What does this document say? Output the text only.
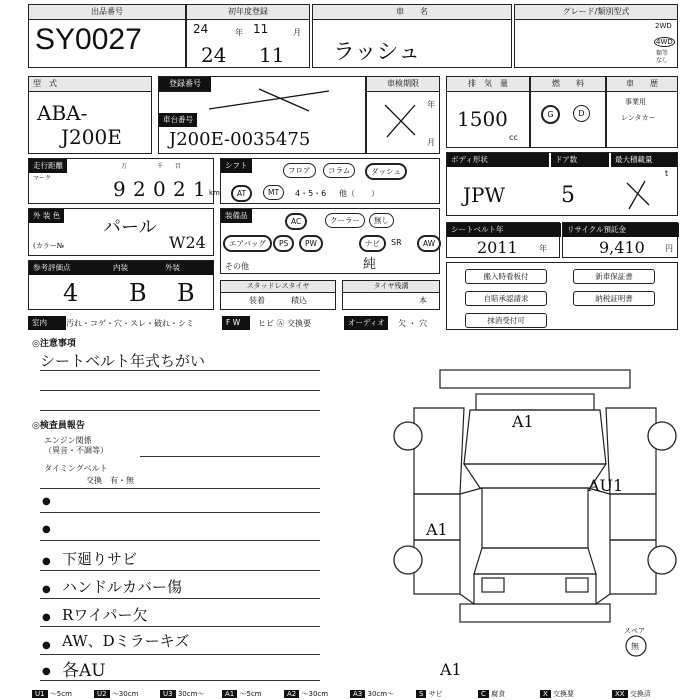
出品番号
SY0027
初年度登録
24	年 11	月
24 11
車　　名
ラッシュ
グレード/類別型式
2WD
4WD
類等
なし
型　式
ABA-
J200E
登録番号
車台番号
J200E-0035475
車検期限
年
月
排　気　量
1500
cc
燃　　料
G	D
車　　歴
事業用
レンタカー
走行距離
マーク
万	千 百
9 2 0 2 1 km
シフト
フロア	コラム	ダッシュ
AT	MT	4・5・6 他（　　）
ボディ形状	ドア数	最大積載量
JPW	5
t
外 装 色
パール
(カラー№	W24
装備品
AC	クーラー	無し
エアバッグ	PS	PW	ナビ	SR	AW
その他	純
シートベルト年
2011	年
リサイクル預託金
9,410	円
参考評価点	内装	外装
4 B B	スタッドレスタイヤ
装着	積込
タイヤ残溝
本
搬入時看板付	新車保証書
自賠承認請求	納税証明書
抹消受付可
室内	汚れ・コゲ・穴・スレ・破れ・シミ	F W	ヒビ Ⓐ 交換要	オーディオ	欠 ・ 穴
◎注意事項
シートベルト年式ちがい
◎検査員報告
エンジン関係
（異音・不調等）
タイミングベルト
交換　有・無
●
●
● 下廻りサビ
● ハンドルカバー傷
● Rワイパー欠
● AW、Dミラーキズ
● 各AU
A1
AU1
A1
A1
スペア
無
U1 ～5cm	U2 ～30cm	U3 30cm～	A1 ～5cm	A2 ～30cm	A3 30cm～	S サビ	C 腐食	X 交換要	XX 交換済
